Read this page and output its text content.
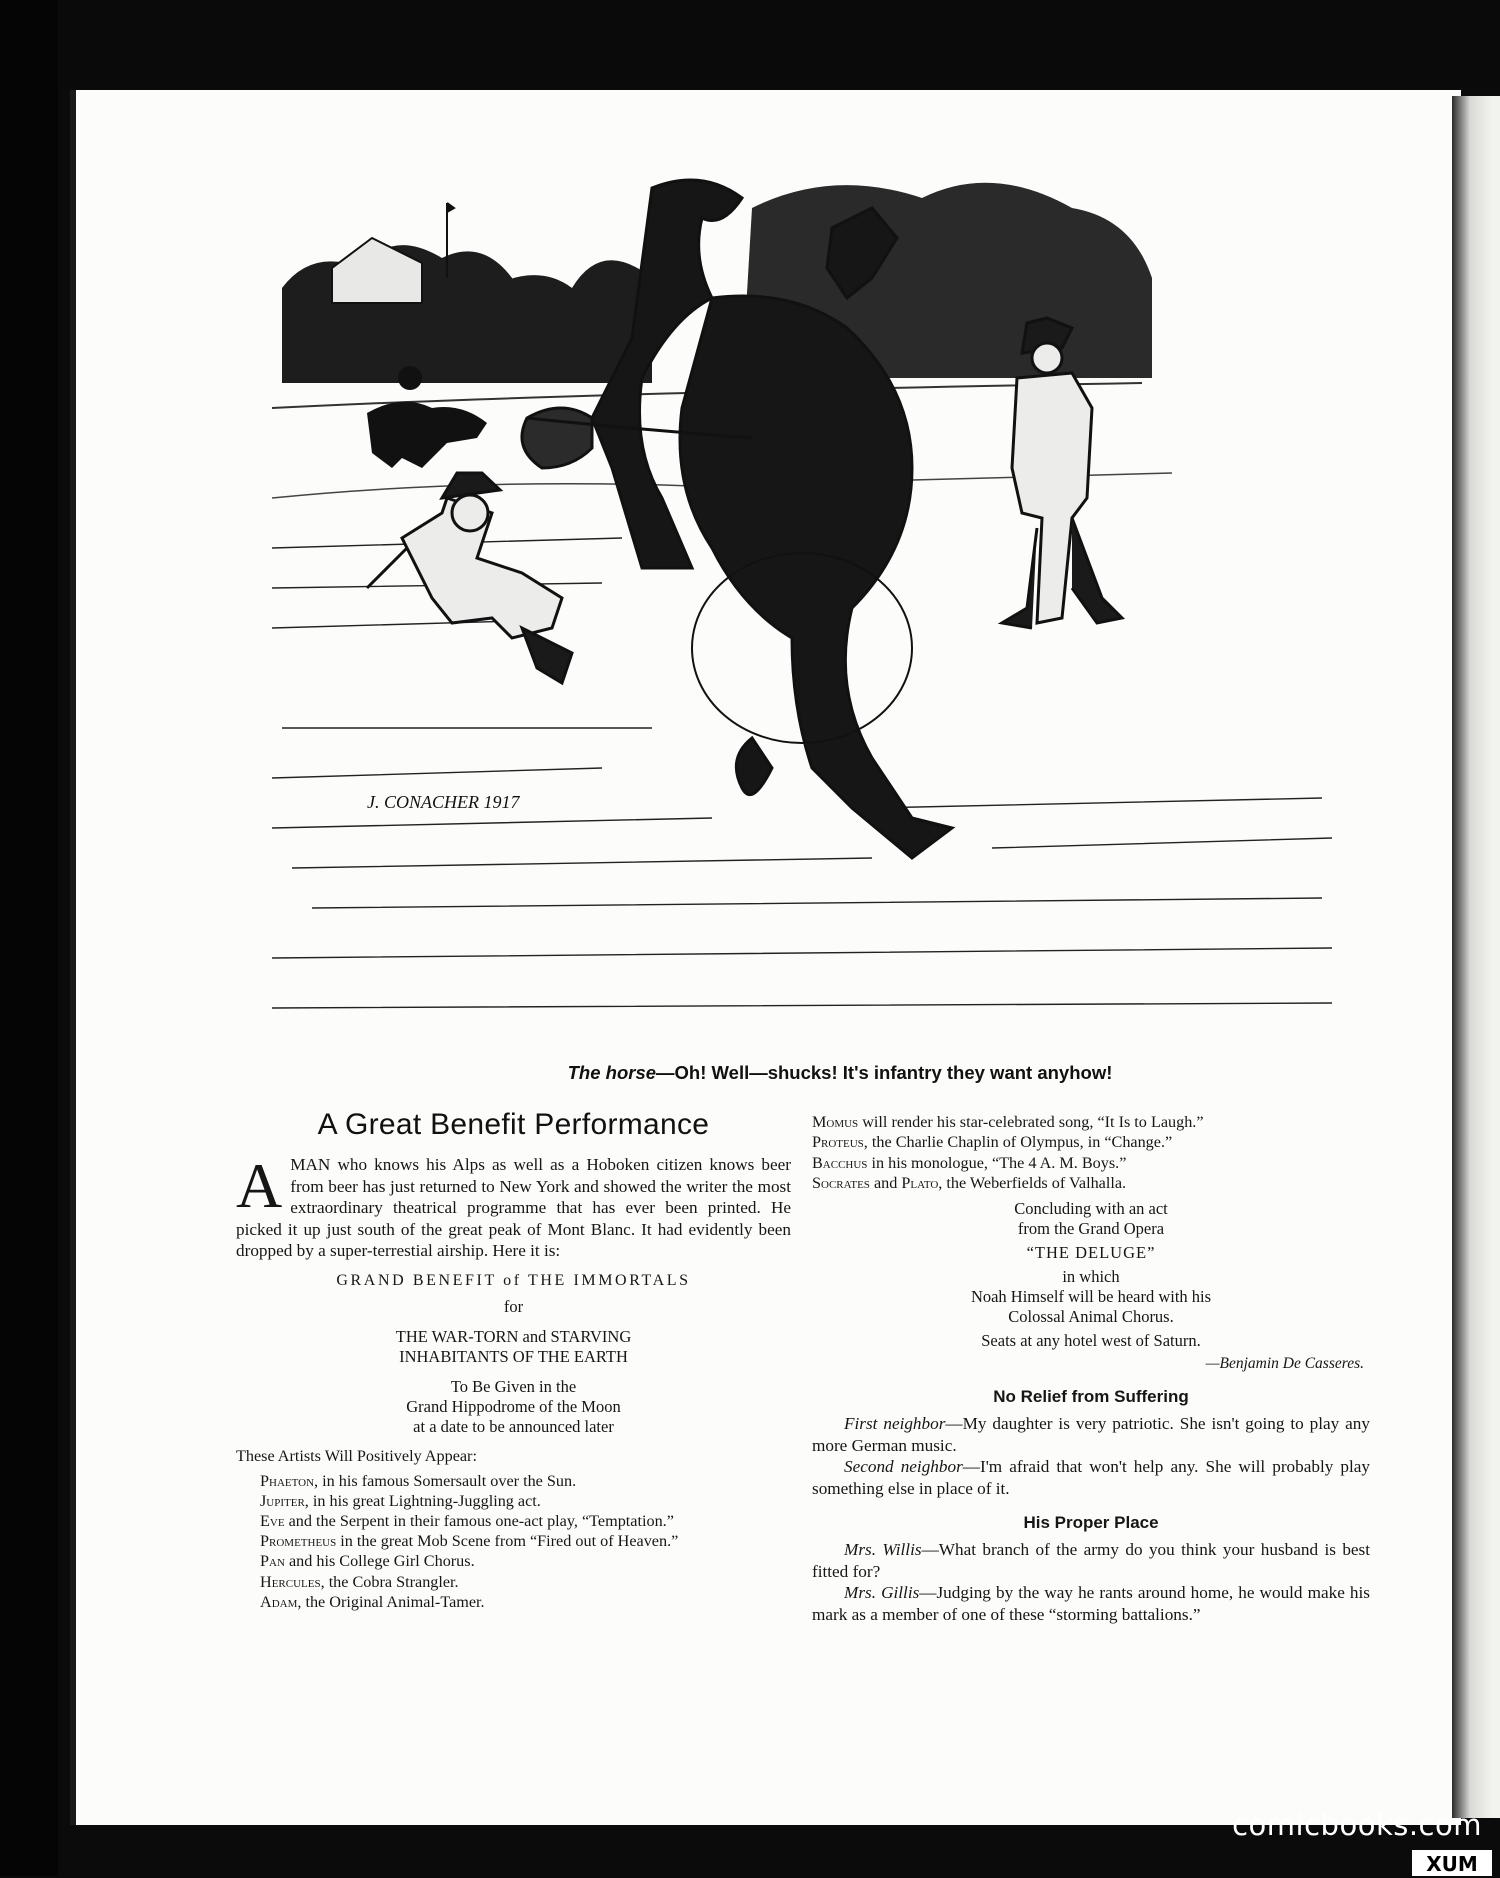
J. CONACHER 1917
The horse—Oh! Well—shucks! It's infantry they want anyhow!
A Great Benefit Performance

AMAN who knows his Alps as well as a Hoboken citizen knows beer from beer has just returned to New York and showed the writer the most extraordinary theatrical programme that has ever been printed. He picked it up just south of the great peak of Mont Blanc. It had evidently been dropped by a super-terrestial airship. Here it is:

GRAND BENEFIT of THE IMMORTALS

for

THE WAR-TORN and STARVING

INHABITANTS OF THE EARTH

To Be Given in the

Grand Hippodrome of the Moon

at a date to be announced later

These Artists Will Positively Appear:

Phaeton, in his famous Somersault over the Sun.
Jupiter, in his great Lightning-Juggling act.
Eve and the Serpent in their famous one-act play, “Temptation.”
Prometheus in the great Mob Scene from “Fired out of Heaven.”
Pan and his College Girl Chorus.
Hercules, the Cobra Strangler.
Adam, the Original Animal-Tamer.

Momus will render his star-celebrated song, “It Is to Laugh.”

Proteus, the Charlie Chaplin of Olympus, in “Change.”

Bacchus in his monologue, “The 4 A. M. Boys.”

Socrates and Plato, the Weberfields of Valhalla.

Concluding with an act

from the Grand Opera

“THE DELUGE”

in which

Noah Himself will be heard with his

Colossal Animal Chorus.

Seats at any hotel west of Saturn.

—Benjamin De Casseres.

No Relief from Suffering

First neighbor—My daughter is very patriotic. She isn't going to play any more German music.

Second neighbor—I'm afraid that won't help any. She will probably play something else in place of it.

His Proper Place

Mrs. Willis—What branch of the army do you think your husband is best fitted for?

Mrs. Gillis—Judging by the way he rants around home, he would make his mark as a member of one of these “storming battalions.”

comicbooks.com
XUM
